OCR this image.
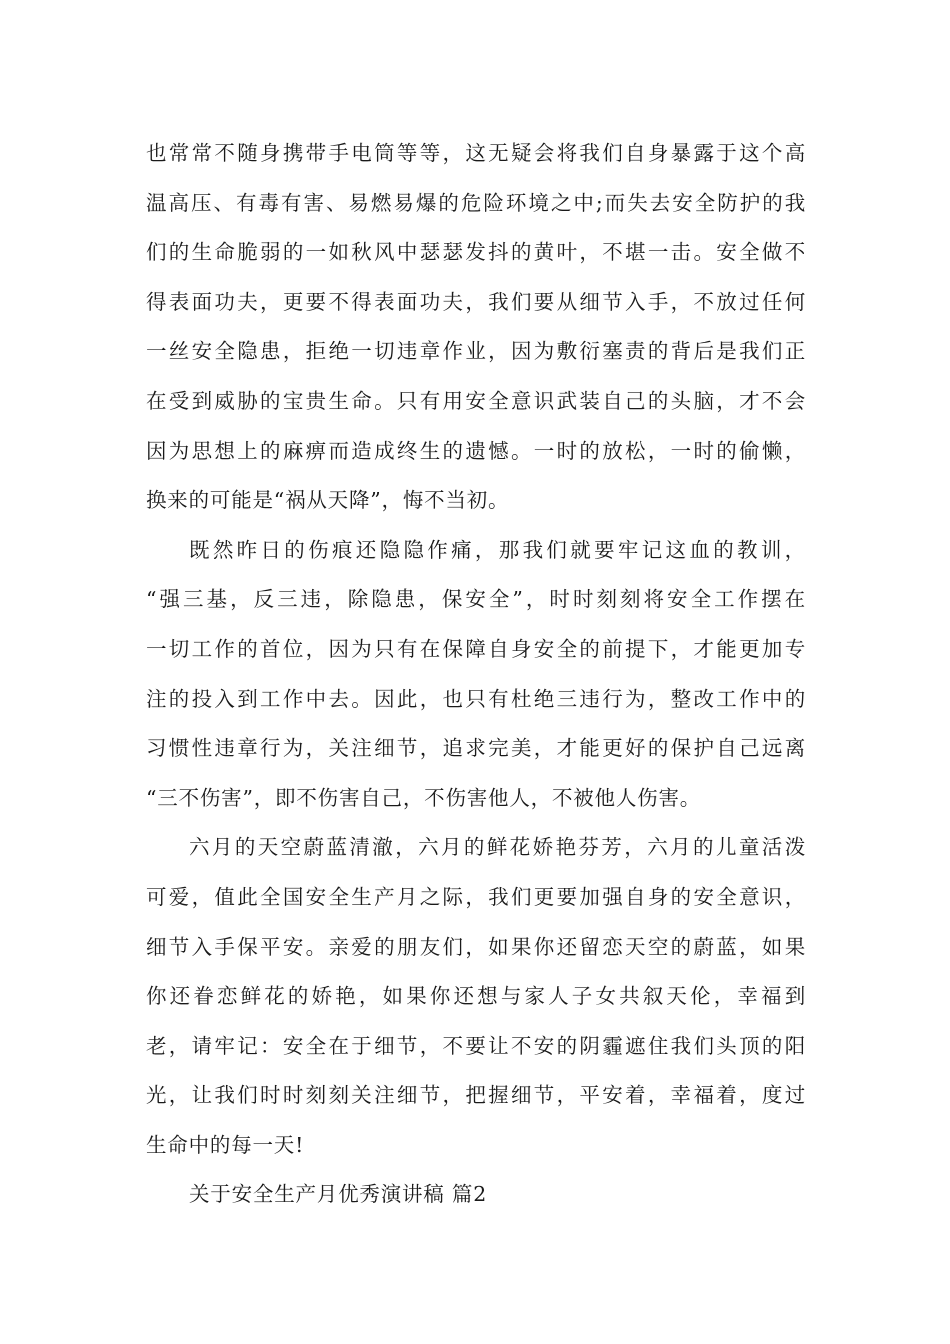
也常常不随身携带手电筒等等，这无疑会将我们自身暴露于这个高
温高压、有毒有害、易燃易爆的危险环境之中;而失去安全防护的我
们的生命脆弱的一如秋风中瑟瑟发抖的黄叶，不堪一击。安全做不
得表面功夫，更要不得表面功夫，我们要从细节入手，不放过任何
一丝安全隐患，拒绝一切违章作业，因为敷衍塞责的背后是我们正
在受到威胁的宝贵生命。只有用安全意识武装自己的头脑，才不会
因为思想上的麻痹而造成终生的遗憾。一时的放松，一时的偷懒，
换来的可能是“祸从天降”，悔不当初。
既然昨日的伤痕还隐隐作痛，那我们就要牢记这血的教训，
“强三基，反三违，除隐患，保安全”，时时刻刻将安全工作摆在
一切工作的首位，因为只有在保障自身安全的前提下，才能更加专
注的投入到工作中去。因此，也只有杜绝三违行为，整改工作中的
习惯性违章行为，关注细节，追求完美，才能更好的保护自己远离
“三不伤害”，即不伤害自己，不伤害他人，不被他人伤害。
六月的天空蔚蓝清澈，六月的鲜花娇艳芬芳，六月的儿童活泼
可爱，值此全国安全生产月之际，我们更要加强自身的安全意识，
细节入手保平安。亲爱的朋友们，如果你还留恋天空的蔚蓝，如果
你还眷恋鲜花的娇艳，如果你还想与家人子女共叙天伦，幸福到
老，请牢记：安全在于细节，不要让不安的阴霾遮住我们头顶的阳
光，让我们时时刻刻关注细节，把握细节，平安着，幸福着，度过
生命中的每一天!
关于安全生产月优秀演讲稿 篇2
